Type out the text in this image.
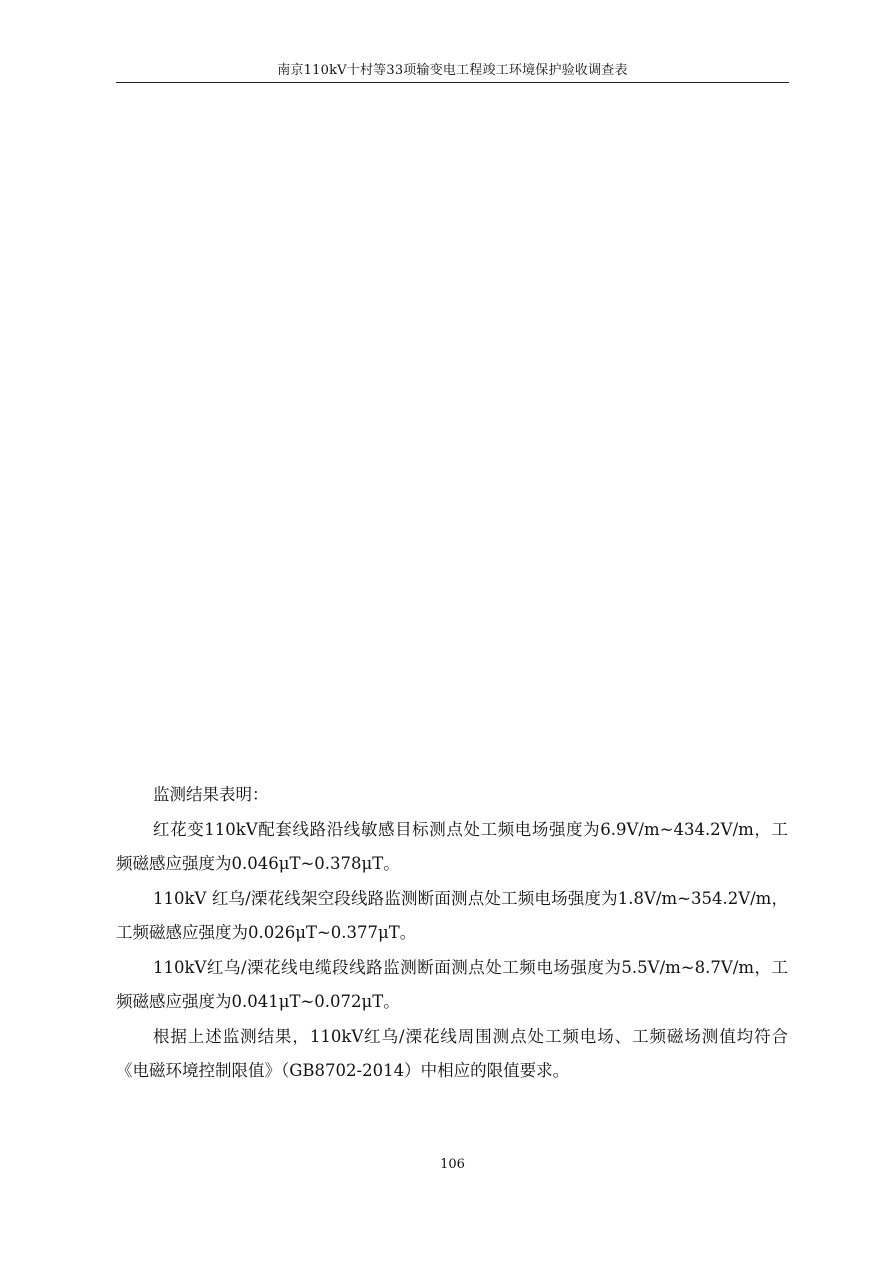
南京110kV十村等33项输变电工程竣工环境保护验收调查表

监测结果表明：

红花变110kV配套线路沿线敏感目标测点处工频电场强度为6.9V/m~434.2V/m，工频磁感应强度为0.046μT~0.378μT。

110kV 红乌/溧花线架空段线路监测断面测点处工频电场强度为1.8V/m~354.2V/m，工频磁感应强度为0.026μT~0.377μT。

110kV红乌/溧花线电缆段线路监测断面测点处工频电场强度为5.5V/m~8.7V/m，工频磁感应强度为0.041μT~0.072μT。

根据上述监测结果，110kV红乌/溧花线周围测点处工频电场、工频磁场测值均符合《电磁环境控制限值》（GB8702-2014）中相应的限值要求。

106
